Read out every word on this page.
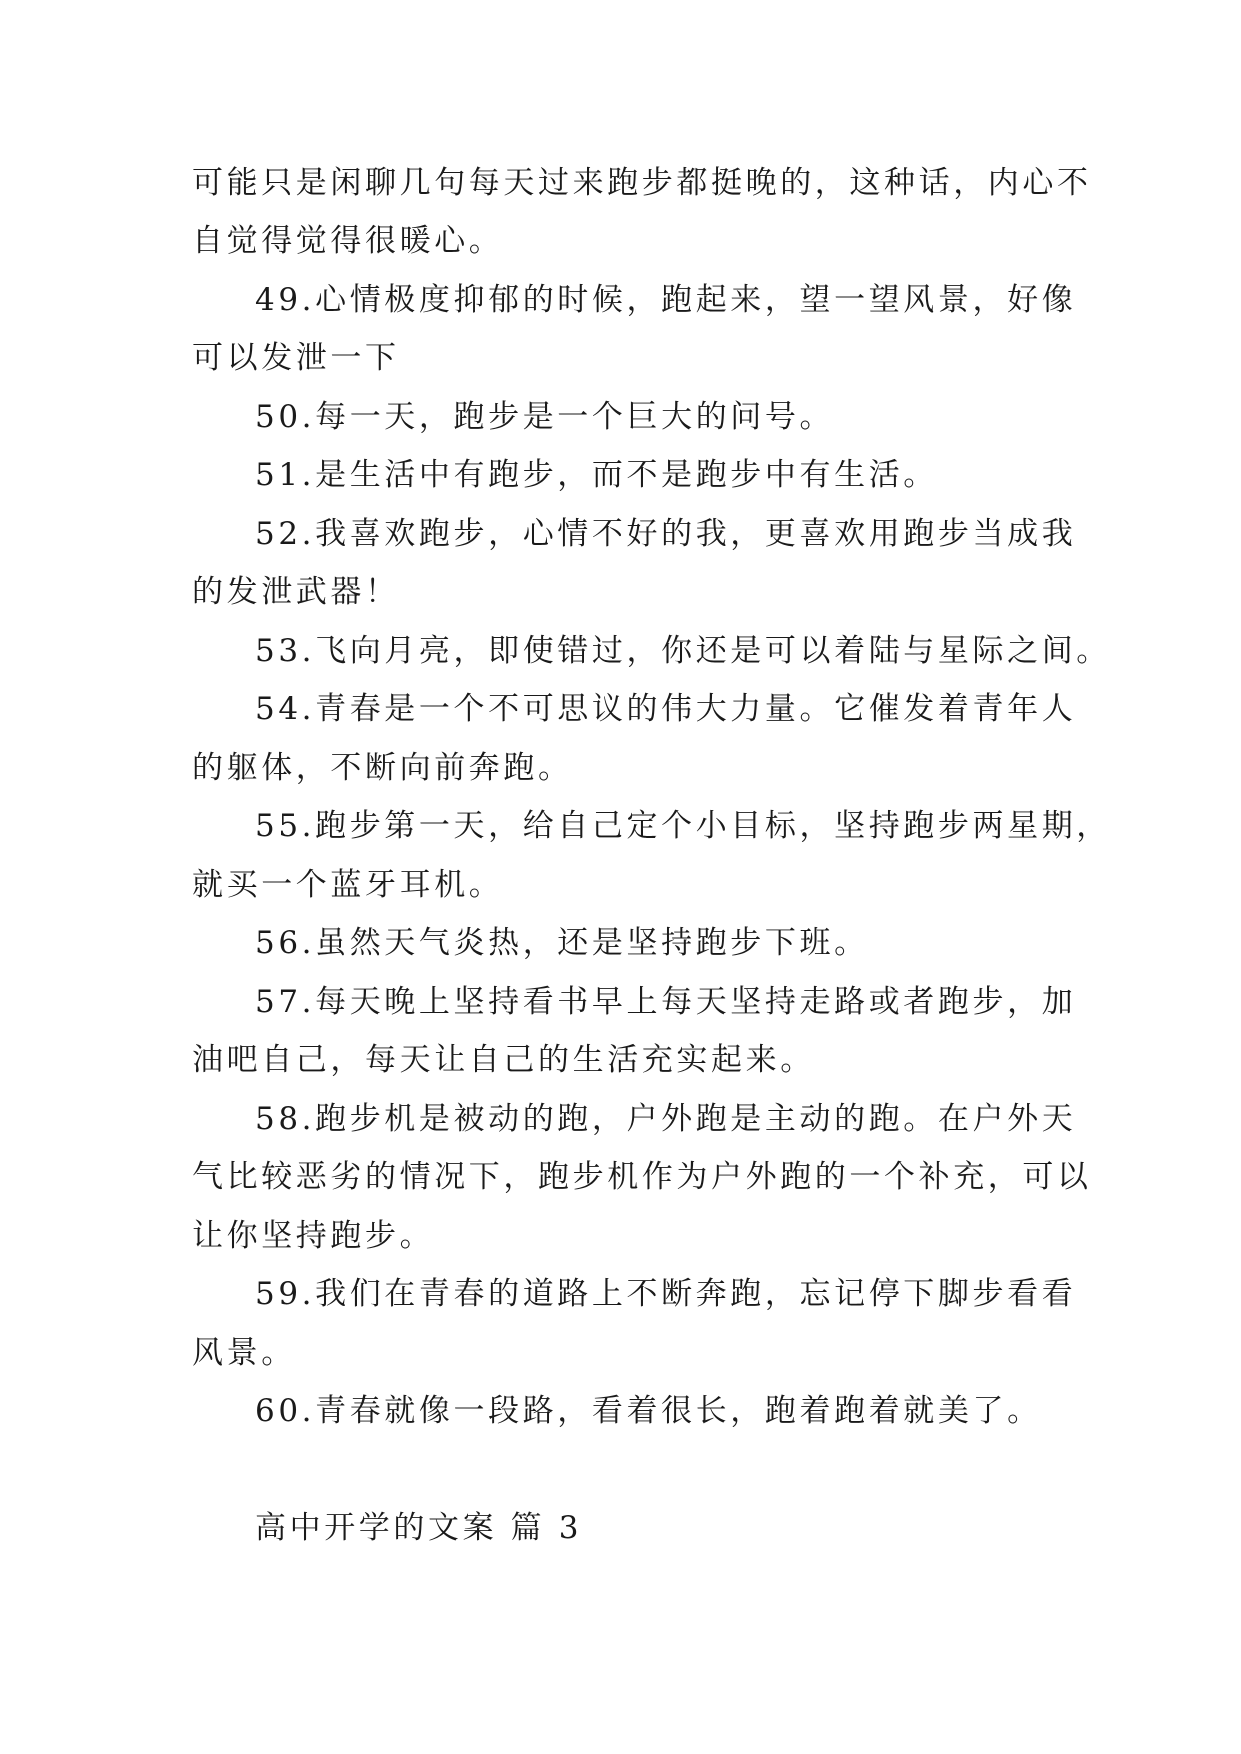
可能只是闲聊几句每天过来跑步都挺晚的，这种话，内心不
自觉得觉得很暖心。
49.心情极度抑郁的时候，跑起来，望一望风景，好像
可以发泄一下
50.每一天，跑步是一个巨大的问号。
51.是生活中有跑步，而不是跑步中有生活。
52.我喜欢跑步，心情不好的我，更喜欢用跑步当成我
的发泄武器！
53.飞向月亮，即使错过，你还是可以着陆与星际之间。
54.青春是一个不可思议的伟大力量。它催发着青年人
的躯体，不断向前奔跑。
55.跑步第一天，给自己定个小目标，坚持跑步两星期，
就买一个蓝牙耳机。
56.虽然天气炎热，还是坚持跑步下班。
57.每天晚上坚持看书早上每天坚持走路或者跑步，加
油吧自己，每天让自己的生活充实起来。
58.跑步机是被动的跑，户外跑是主动的跑。在户外天
气比较恶劣的情况下，跑步机作为户外跑的一个补充，可以
让你坚持跑步。
59.我们在青春的道路上不断奔跑，忘记停下脚步看看
风景。
60.青春就像一段路，看着很长，跑着跑着就美了。
高中开学的文案 篇 3
